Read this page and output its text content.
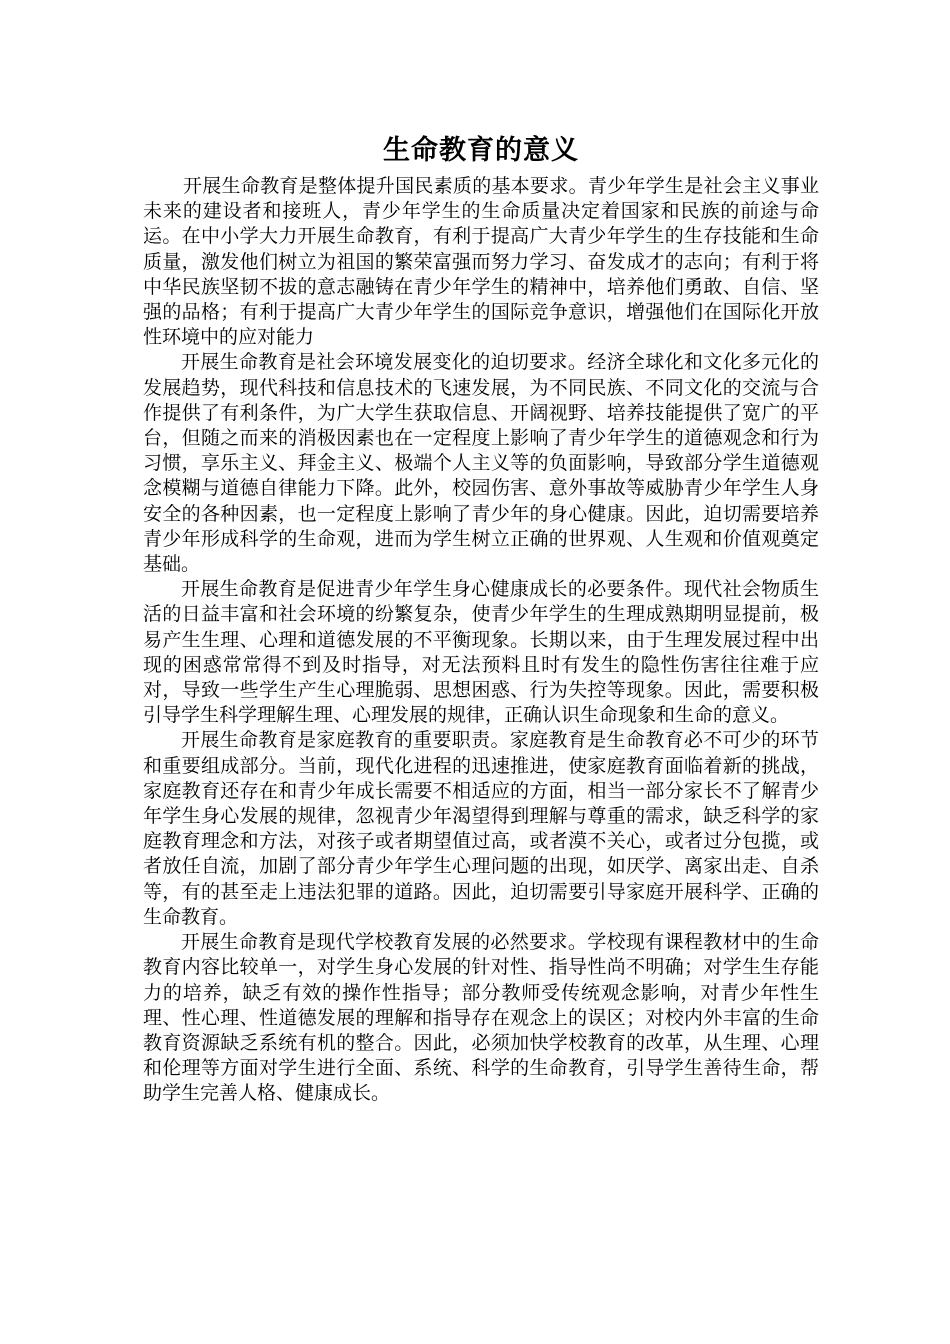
生命教育的意义

开展生命教育是整体提升国民素质的基本要求。青少年学生是社会主义事业未来的建设者和接班人，青少年学生的生命质量决定着国家和民族的前途与命运。在中小学大力开展生命教育，有利于提高广大青少年学生的生存技能和生命质量，激发他们树立为祖国的繁荣富强而努力学习、奋发成才的志向；有利于将中华民族坚韧不拔的意志融铸在青少年学生的精神中，培养他们勇敢、自信、坚强的品格；有利于提高广大青少年学生的国际竞争意识，增强他们在国际化开放性环境中的应对能力

开展生命教育是社会环境发展变化的迫切要求。经济全球化和文化多元化的发展趋势，现代科技和信息技术的飞速发展，为不同民族、不同文化的交流与合作提供了有利条件，为广大学生获取信息、开阔视野、培养技能提供了宽广的平台，但随之而来的消极因素也在一定程度上影响了青少年学生的道德观念和行为习惯，享乐主义、拜金主义、极端个人主义等的负面影响，导致部分学生道德观念模糊与道德自律能力下降。此外，校园伤害、意外事故等威胁青少年学生人身安全的各种因素，也一定程度上影响了青少年的身心健康。因此，迫切需要培养青少年形成科学的生命观，进而为学生树立正确的世界观、人生观和价值观奠定基础。

开展生命教育是促进青少年学生身心健康成长的必要条件。现代社会物质生活的日益丰富和社会环境的纷繁复杂，使青少年学生的生理成熟期明显提前，极易产生生理、心理和道德发展的不平衡现象。长期以来，由于生理发展过程中出现的困惑常常得不到及时指导，对无法预料且时有发生的隐性伤害往往难于应对，导致一些学生产生心理脆弱、思想困惑、行为失控等现象。因此，需要积极引导学生科学理解生理、心理发展的规律，正确认识生命现象和生命的意义。

开展生命教育是家庭教育的重要职责。家庭教育是生命教育必不可少的环节和重要组成部分。当前，现代化进程的迅速推进，使家庭教育面临着新的挑战，家庭教育还存在和青少年成长需要不相适应的方面，相当一部分家长不了解青少年学生身心发展的规律，忽视青少年渴望得到理解与尊重的需求，缺乏科学的家庭教育理念和方法，对孩子或者期望值过高，或者漠不关心，或者过分包揽，或者放任自流，加剧了部分青少年学生心理问题的出现，如厌学、离家出走、自杀等，有的甚至走上违法犯罪的道路。因此，迫切需要引导家庭开展科学、正确的生命教育。

开展生命教育是现代学校教育发展的必然要求。学校现有课程教材中的生命教育内容比较单一，对学生身心发展的针对性、指导性尚不明确；对学生生存能力的培养，缺乏有效的操作性指导；部分教师受传统观念影响，对青少年性生理、性心理、性道德发展的理解和指导存在观念上的误区；对校内外丰富的生命教育资源缺乏系统有机的整合。因此，必须加快学校教育的改革，从生理、心理和伦理等方面对学生进行全面、系统、科学的生命教育，引导学生善待生命，帮助学生完善人格、健康成长。
